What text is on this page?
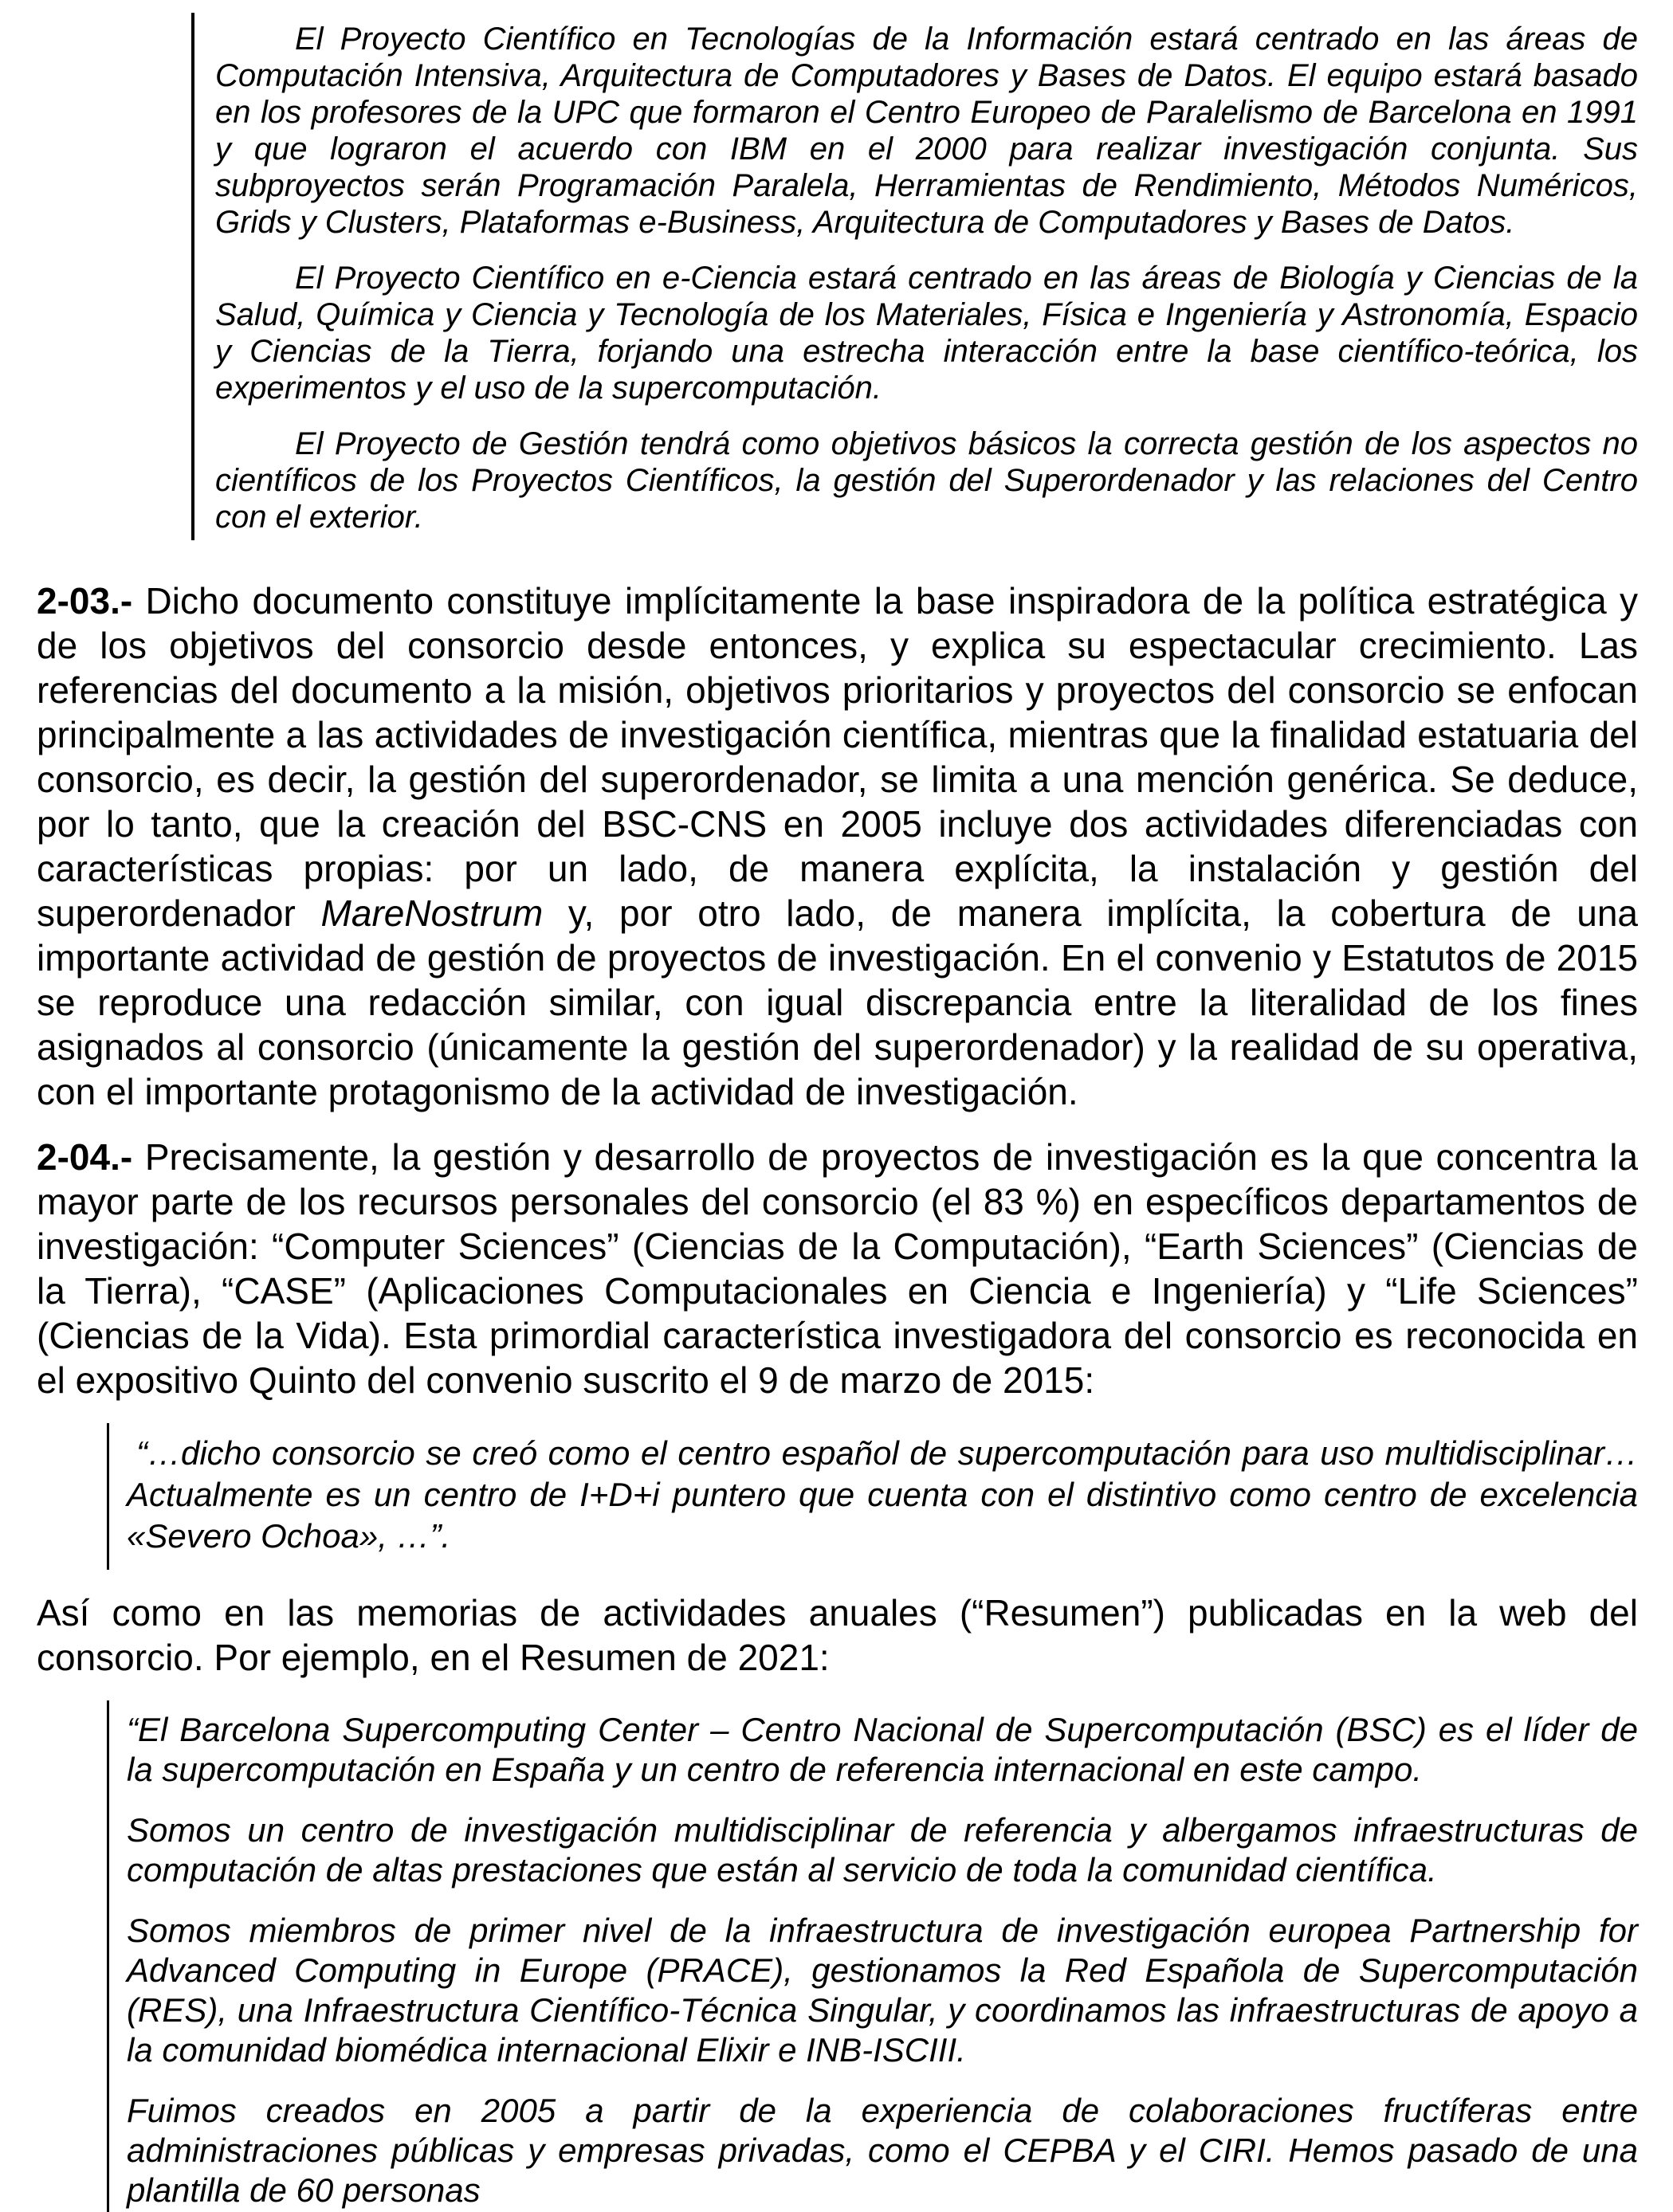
El Proyecto Científico en Tecnologías de la Información estará centrado en las áreas de Computación Intensiva, Arquitectura de Computadores y Bases de Datos. El equipo estará basado en los profesores de la UPC que formaron el Centro Europeo de Paralelismo de Barcelona en 1991 y que lograron el acuerdo con IBM en el 2000 para realizar investigación conjunta. Sus subproyectos serán Programación Paralela, Herramientas de Rendimiento, Métodos Numéricos, Grids y Clusters, Plataformas e-Business, Arquitectura de Computadores y Bases de Datos.

El Proyecto Científico en e-Ciencia estará centrado en las áreas de Biología y Ciencias de la Salud, Química y Ciencia y Tecnología de los Materiales, Física e Ingeniería y Astronomía, Espacio y Ciencias de la Tierra, forjando una estrecha interacción entre la base científico-teórica, los experimentos y el uso de la supercomputación.

El Proyecto de Gestión tendrá como objetivos básicos la correcta gestión de los aspectos no científicos de los Proyectos Científicos, la gestión del Superordenador y las relaciones del Centro con el exterior.

2-03.- Dicho documento constituye implícitamente la base inspiradora de la política estratégica y de los objetivos del consorcio desde entonces, y explica su espectacular crecimiento. Las referencias del documento a la misión, objetivos prioritarios y proyectos del consorcio se enfocan principalmente a las actividades de investigación científica, mientras que la finalidad estatuaria del consorcio, es decir, la gestión del superordenador, se limita a una mención genérica. Se deduce, por lo tanto, que la creación del BSC-CNS en 2005 incluye dos actividades diferenciadas con características propias: por un lado, de manera explícita, la instalación y gestión del superordenador MareNostrum y, por otro lado, de manera implícita, la cobertura de una importante actividad de gestión de proyectos de investigación. En el convenio y Estatutos de 2015 se reproduce una redacción similar, con igual discrepancia entre la literalidad de los fines asignados al consorcio (únicamente la gestión del superordenador) y la realidad de su operativa, con el importante protagonismo de la actividad de investigación.

2-04.- Precisamente, la gestión y desarrollo de proyectos de investigación es la que concentra la mayor parte de los recursos personales del consorcio (el 83 %) en específicos departamentos de investigación: “Computer Sciences” (Ciencias de la Computación), “Earth Sciences” (Ciencias de la Tierra), “CASE” (Aplicaciones Computacionales en Ciencia e Ingeniería) y “Life Sciences” (Ciencias de la Vida). Esta primordial característica investigadora del consorcio es reconocida en el expositivo Quinto del convenio suscrito el 9 de marzo de 2015:

“…dicho consorcio se creó como el centro español de supercomputación para uso multidisciplinar… Actualmente es un centro de I+D+i puntero que cuenta con el distintivo como centro de excelencia «Severo Ochoa», …”.

Así como en las memorias de actividades anuales (“Resumen”) publicadas en la web del consorcio. Por ejemplo, en el Resumen de 2021:

“El Barcelona Supercomputing Center – Centro Nacional de Supercomputación (BSC) es el líder de la supercomputación en España y un centro de referencia internacional en este campo.

Somos un centro de investigación multidisciplinar de referencia y albergamos infraestructuras de computación de altas prestaciones que están al servicio de toda la comunidad científica.

Somos miembros de primer nivel de la infraestructura de investigación europea Partnership for Advanced Computing in Europe (PRACE), gestionamos la Red Española de Supercomputación (RES), una Infraestructura Científico-Técnica Singular, y coordinamos las infraestructuras de apoyo a la comunidad biomédica internacional Elixir e INB-ISCIII.

Fuimos creados en 2005 a partir de la experiencia de colaboraciones fructíferas entre administraciones públicas y empresas privadas, como el CEPBA y el CIRI. Hemos pasado de una plantilla de 60 personas
